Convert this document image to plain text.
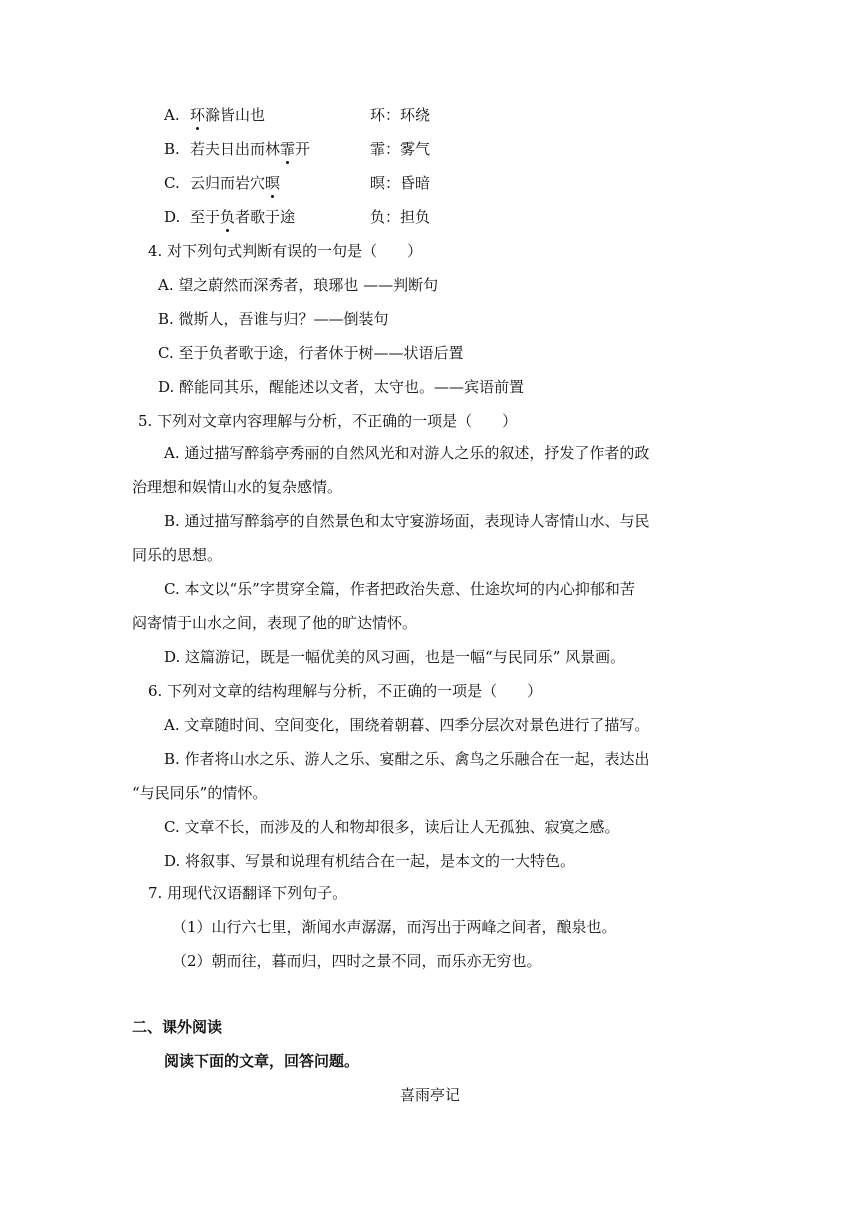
A. 环滁皆山也	环：环绕
B. 若夫日出而林霏开	霏：雾气
C. 云归而岩穴暝	暝：昏暗
D. 至于负者歌于途	负：担负
4. 对下列句式判断有误的一句是（　　）
A. 望之蔚然而深秀者，琅琊也 ——判断句
B. 微斯人，吾谁与归？——倒装句
C. 至于负者歌于途，行者休于树——状语后置
D. 醉能同其乐，醒能述以文者，太守也。——宾语前置
5. 下列对文章内容理解与分析，不正确的一项是（　　）
A. 通过描写醉翁亭秀丽的自然风光和对游人之乐的叙述，抒发了作者的政
治理想和娱情山水的复杂感情。
B. 通过描写醉翁亭的自然景色和太守宴游场面，表现诗人寄情山水、与民
同乐的思想。
C. 本文以“乐”字贯穿全篇，作者把政治失意、仕途坎坷的内心抑郁和苦
闷寄情于山水之间，表现了他的旷达情怀。
D. 这篇游记，既是一幅优美的风习画，也是一幅“与民同乐” 风景画。
6. 下列对文章的结构理解与分析，不正确的一项是（　　）
A. 文章随时间、空间变化，围绕着朝暮、四季分层次对景色进行了描写。
B. 作者将山水之乐、游人之乐、宴酣之乐、禽鸟之乐融合在一起，表达出
“与民同乐”的情怀。
C. 文章不长，而涉及的人和物却很多，读后让人无孤独、寂寞之感。
D. 将叙事、写景和说理有机结合在一起，是本文的一大特色。
7. 用现代汉语翻译下列句子。
（1）山行六七里，渐闻水声潺潺，而泻出于两峰之间者，酿泉也。
（2）朝而往，暮而归，四时之景不同，而乐亦无穷也。
二、课外阅读
阅读下面的文章，回答问题。
喜雨亭记
